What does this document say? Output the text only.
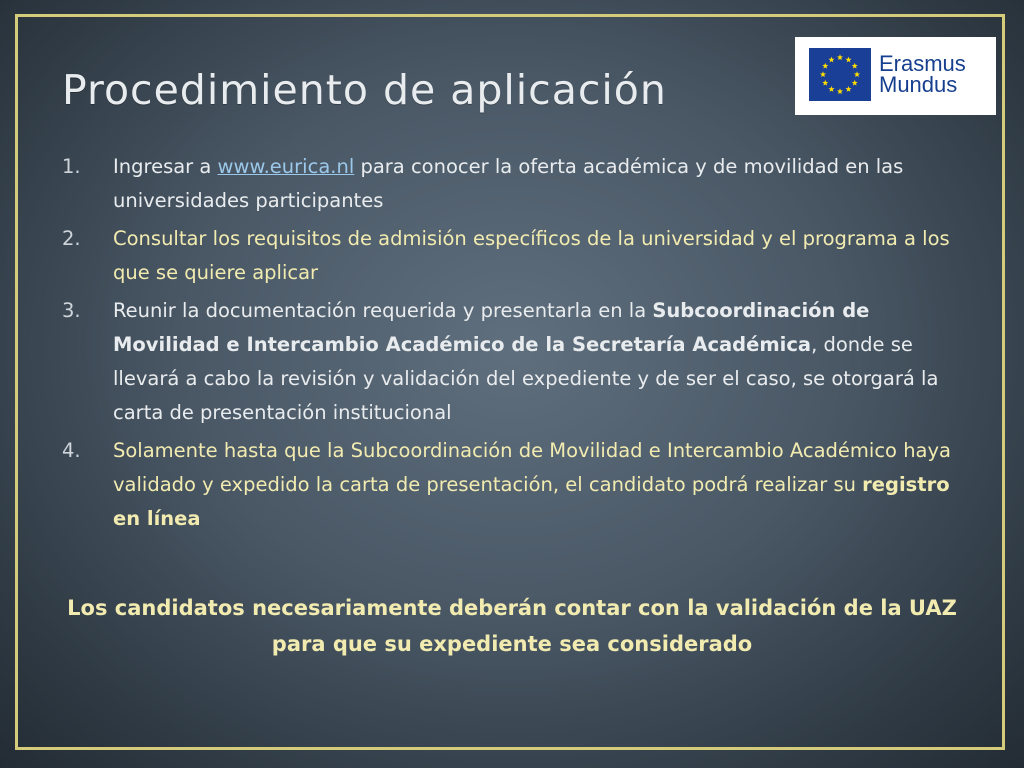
Procedimiento de aplicación
Erasmus
Mundus
1. Ingresar a www.eurica.nl para conocer la oferta académica y de movilidad en las universidades participantes
2. Consultar los requisitos de admisión específicos de la universidad y el programa a los que se quiere aplicar
3. Reunir la documentación requerida y presentarla en la Subcoordinación de Movilidad e Intercambio Académico de la Secretaría Académica, donde se llevará a cabo la revisión y validación del expediente y de ser el caso, se otorgará la carta de presentación institucional
4. Solamente hasta que la Subcoordinación de Movilidad e Intercambio Académico haya validado y expedido la carta de presentación, el candidato podrá realizar su registro en línea

Los candidatos necesariamente deberán contar con la validación de la UAZ para que su expediente sea considerado
